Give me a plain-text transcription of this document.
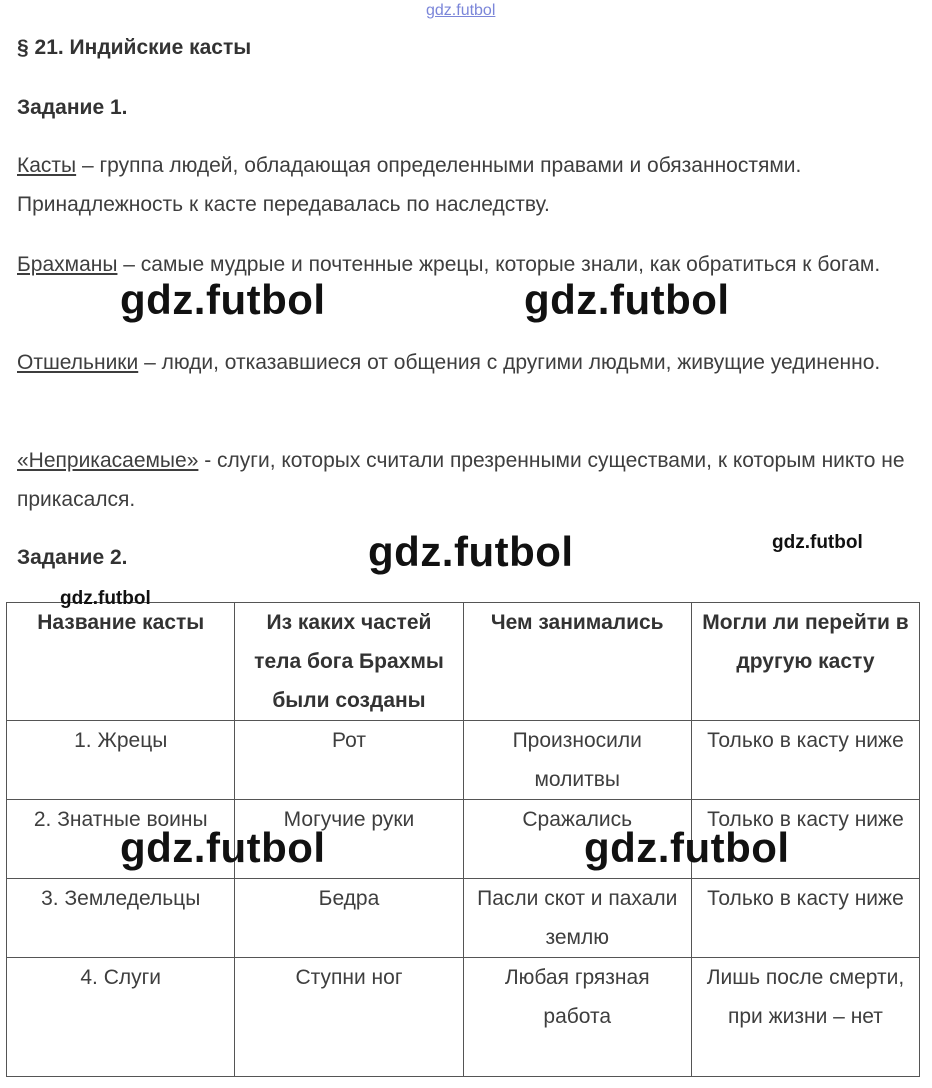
gdz.futbol
§ 21. Индийские касты
Задание 1.
Касты – группа людей, обладающая определенными правами и обязанностями. Принадлежность к касте передавалась по наследству.
Брахманы – самые мудрые и почтенные жрецы, которые знали, как обратиться к богам.
Отшельники – люди, отказавшиеся от общения с другими людьми, живущие уединенно.
«Неприкасаемые» - слуги, которых считали презренными существами, к которым никто не прикасался.
Задание 2.
Название касты	Из каких частей тела бога Брахмы были созданы	Чем занимались	Могли ли перейти в другую касту
1. Жрецы	Рот	Произносили молитвы	Только в касту ниже
2. Знатные воины	Могучие руки	Сражались	Только в касту ниже
3. Земледельцы	Бедра	Пасли скот и пахали землю	Только в касту ниже
4. Слуги	Ступни ног	Любая грязная работа	Лишь после смерти, при жизни – нет
gdz.futbol	gdz.futbol
gdz.futbol	gdz.futbol
gdz.futbol
gdz.futbol	gdz.futbol
